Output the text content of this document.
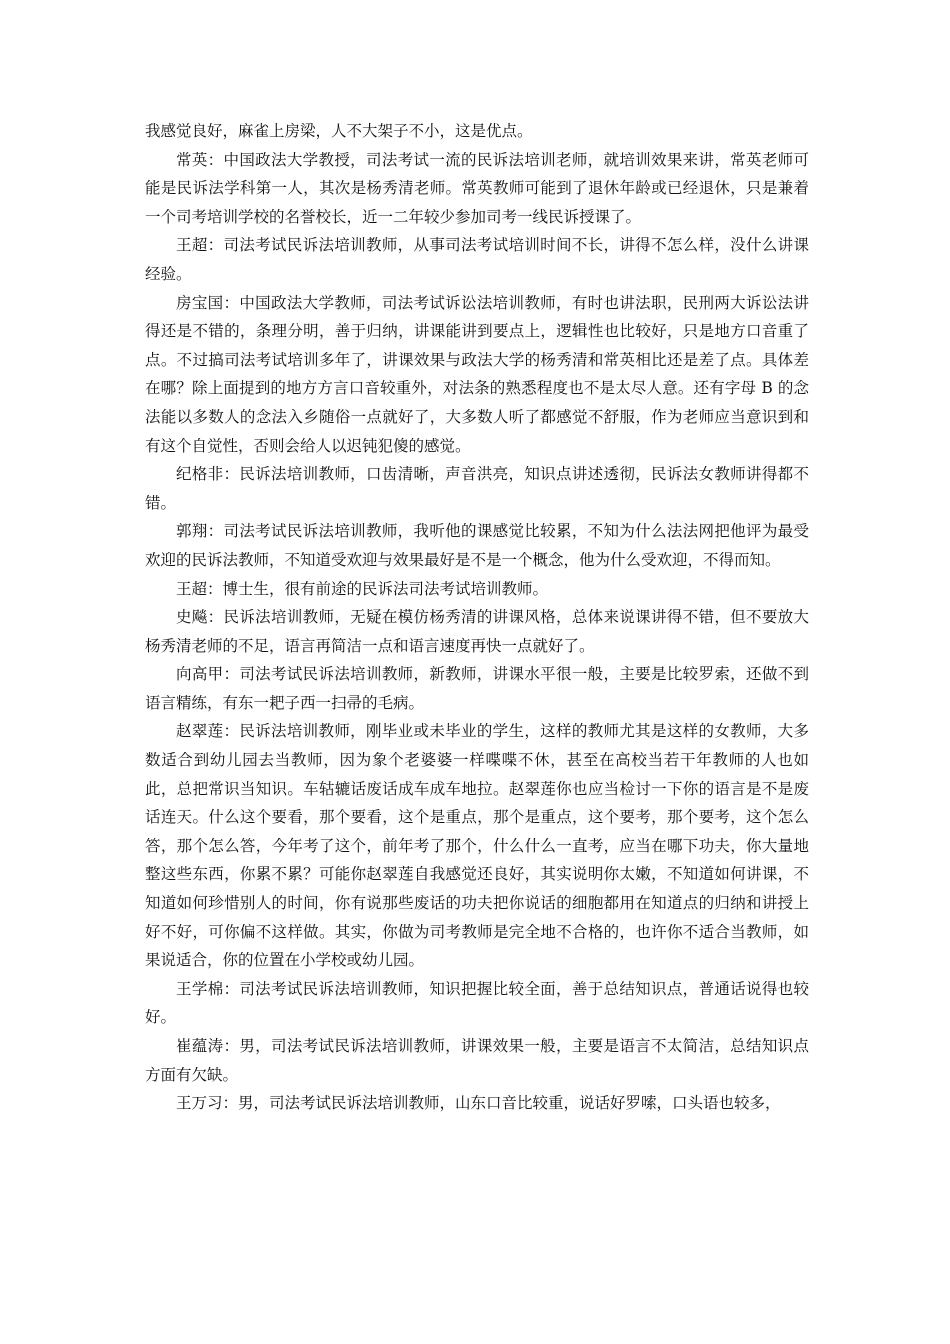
我感觉良好，麻雀上房梁，人不大架子不小，这是优点。

常英：中国政法大学教授，司法考试一流的民诉法培训老师，就培训效果来讲，常英老师可能是民诉法学科第一人，其次是杨秀清老师。常英教师可能到了退休年龄或已经退休，只是兼着一个司考培训学校的名誉校长，近一二年较少参加司考一线民诉授课了。

王超：司法考试民诉法培训教师，从事司法考试培训时间不长，讲得不怎么样，没什么讲课经验。

房宝国：中国政法大学教师，司法考试诉讼法培训教师，有时也讲法职，民刑两大诉讼法讲得还是不错的，条理分明，善于归纳，讲课能讲到要点上，逻辑性也比较好，只是地方口音重了点。不过搞司法考试培训多年了，讲课效果与政法大学的杨秀清和常英相比还是差了点。具体差在哪？除上面提到的地方方言口音较重外，对法条的熟悉程度也不是太尽人意。还有字母 B 的念法能以多数人的念法入乡随俗一点就好了，大多数人听了都感觉不舒服，作为老师应当意识到和有这个自觉性，否则会给人以迟钝犯傻的感觉。

纪格非：民诉法培训教师，口齿清晰，声音洪亮，知识点讲述透彻，民诉法女教师讲得都不错。

郭翔：司法考试民诉法培训教师，我听他的课感觉比较累，不知为什么法法网把他评为最受欢迎的民诉法教师，不知道受欢迎与效果最好是不是一个概念，他为什么受欢迎，不得而知。

王超：博士生，很有前途的民诉法司法考试培训教师。

史飚：民诉法培训教师，无疑在模仿杨秀清的讲课风格，总体来说课讲得不错，但不要放大杨秀清老师的不足，语言再简洁一点和语言速度再快一点就好了。

向高甲：司法考试民诉法培训教师，新教师，讲课水平很一般，主要是比较罗索，还做不到语言精练，有东一耙子西一扫帚的毛病。

赵翠莲：民诉法培训教师，刚毕业或未毕业的学生，这样的教师尤其是这样的女教师，大多数适合到幼儿园去当教师，因为象个老婆婆一样喋喋不休，甚至在高校当若干年教师的人也如此，总把常识当知识。车轱辘话废话成车成车地拉。赵翠莲你也应当检讨一下你的语言是不是废话连天。什么这个要看，那个要看，这个是重点，那个是重点，这个要考，那个要考，这个怎么答，那个怎么答，今年考了这个，前年考了那个，什么什么一直考，应当在哪下功夫，你大量地整这些东西，你累不累？可能你赵翠莲自我感觉还良好，其实说明你太嫩，不知道如何讲课，不知道如何珍惜别人的时间，你有说那些废话的功夫把你说话的细胞都用在知道点的归纳和讲授上好不好，可你偏不这样做。其实，你做为司考教师是完全地不合格的，也许你不适合当教师，如果说适合，你的位置在小学校或幼儿园。

王学棉：司法考试民诉法培训教师，知识把握比较全面，善于总结知识点，普通话说得也较好。

崔蕴涛：男，司法考试民诉法培训教师，讲课效果一般，主要是语言不太简洁，总结知识点方面有欠缺。

王万习：男，司法考试民诉法培训教师，山东口音比较重，说话好罗嗦，口头语也较多，
